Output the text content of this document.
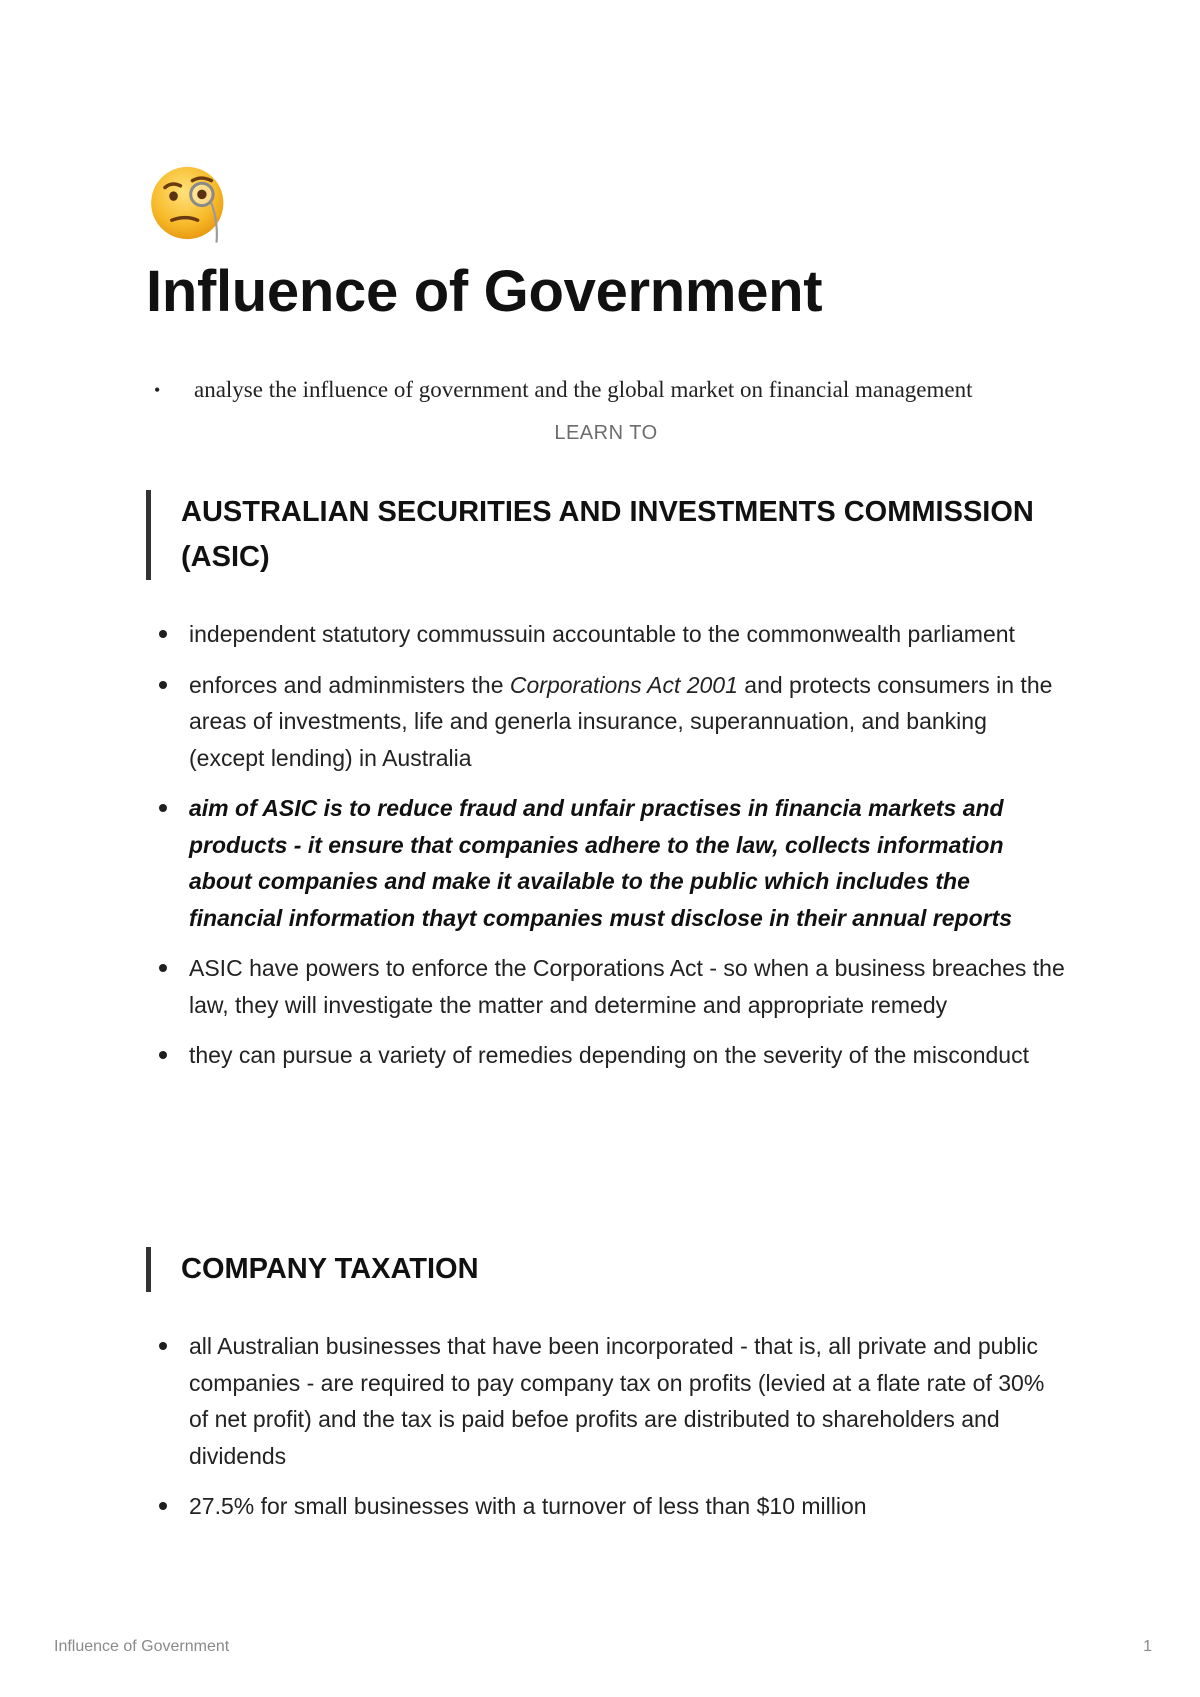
Influence of Government
•	analyse the influence of government and the global market on financial management
LEARN TO
AUSTRALIAN SECURITIES AND INVESTMENTS COMMISSION (ASIC)
independent statutory commussuin accountable to the commonwealth parliament
enforces and adminmisters the Corporations Act 2001 and protects consumers in the areas of investments, life and generla insurance, superannuation, and banking (except lending) in Australia
aim of ASIC is to reduce fraud and unfair practises in financia markets and products - it ensure that companies adhere to the law, collects information about companies and make it available to the public which includes the financial information thayt companies must disclose in their annual reports
ASIC have powers to enforce the Corporations Act - so when a business breaches the law, they will investigate the matter and determine and appropriate remedy
they can pursue a variety of remedies depending on the severity of the misconduct
COMPANY TAXATION
all Australian businesses that have been incorporated - that is, all private and public companies - are required to pay company tax on profits (levied at a flate rate of 30% of net profit) and the tax is paid befoe profits are distributed to shareholders and dividends
27.5% for small businesses with a turnover of less than $10 million
Influence of Government	1
